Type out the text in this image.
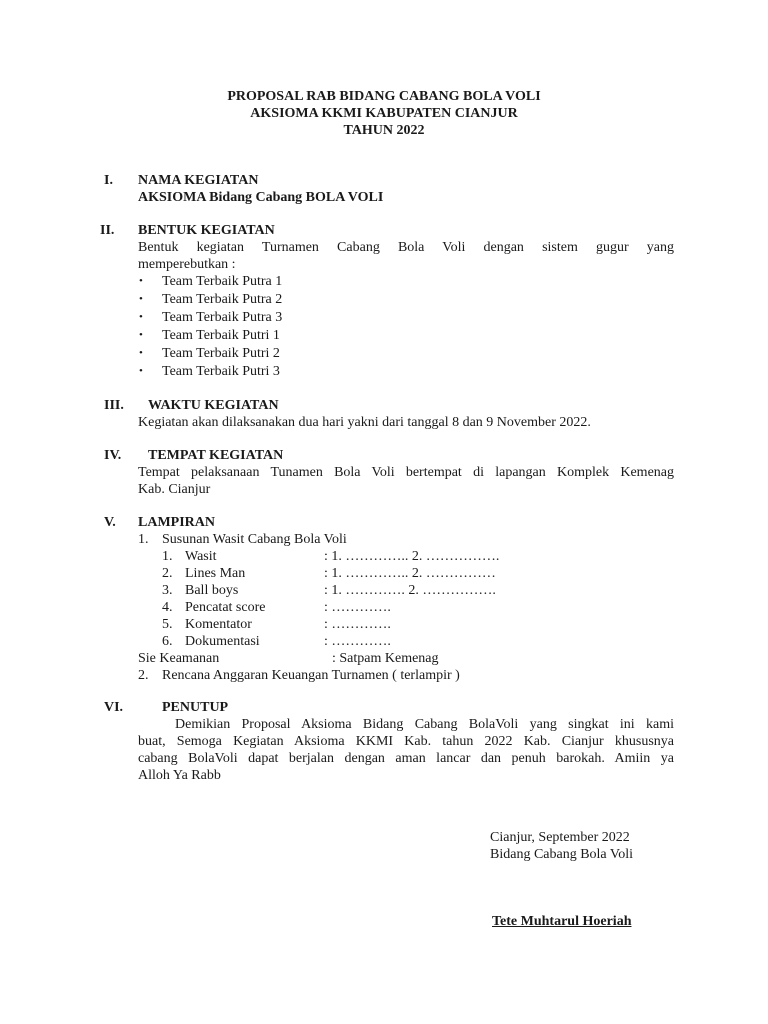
PROPOSAL RAB BIDANG CABANG BOLA VOLI
AKSIOMA KKMI KABUPATEN CIANJUR
TAHUN 2022
I. NAMA KEGIATAN
AKSIOMA Bidang Cabang BOLA VOLI
II. BENTUK KEGIATAN
Bentuk kegiatan Turnamen Cabang Bola Voli dengan sistem gugur yang
memperebutkan :
• Team Terbaik Putra 1
• Team Terbaik Putra 2
• Team Terbaik Putra 3
• Team Terbaik Putri 1
• Team Terbaik Putri 2
• Team Terbaik Putri 3
III. WAKTU KEGIATAN
Kegiatan akan dilaksanakan dua hari yakni dari tanggal 8 dan 9 November 2022.
IV. TEMPAT KEGIATAN
Tempat pelaksanaan Tunamen Bola Voli bertempat di lapangan Komplek Kemenag
Kab. Cianjur
V. LAMPIRAN
1. Susunan Wasit Cabang Bola Voli
1. Wasit	: 1. ………….. 2. …………….
2. Lines Man	: 1. ………….. 2. ……………
3. Ball boys	: 1. …………. 2. …………….
4. Pencatat score	: ………….
5. Komentator	: ………….
6. Dokumentasi	: ………….
Sie Keamanan	: Satpam Kemenag
2. Rencana Anggaran Keuangan Turnamen ( terlampir )
VI.	PENUTUP
Demikian Proposal Aksioma Bidang Cabang BolaVoli yang singkat ini kami
buat, Semoga Kegiatan Aksioma KKMI Kab. tahun 2022 Kab. Cianjur khususnya
cabang BolaVoli dapat berjalan dengan aman lancar dan penuh barokah. Amiin ya
Alloh Ya Rabb
Cianjur, September 2022
Bidang Cabang Bola Voli
Tete Muhtarul Hoeriah
